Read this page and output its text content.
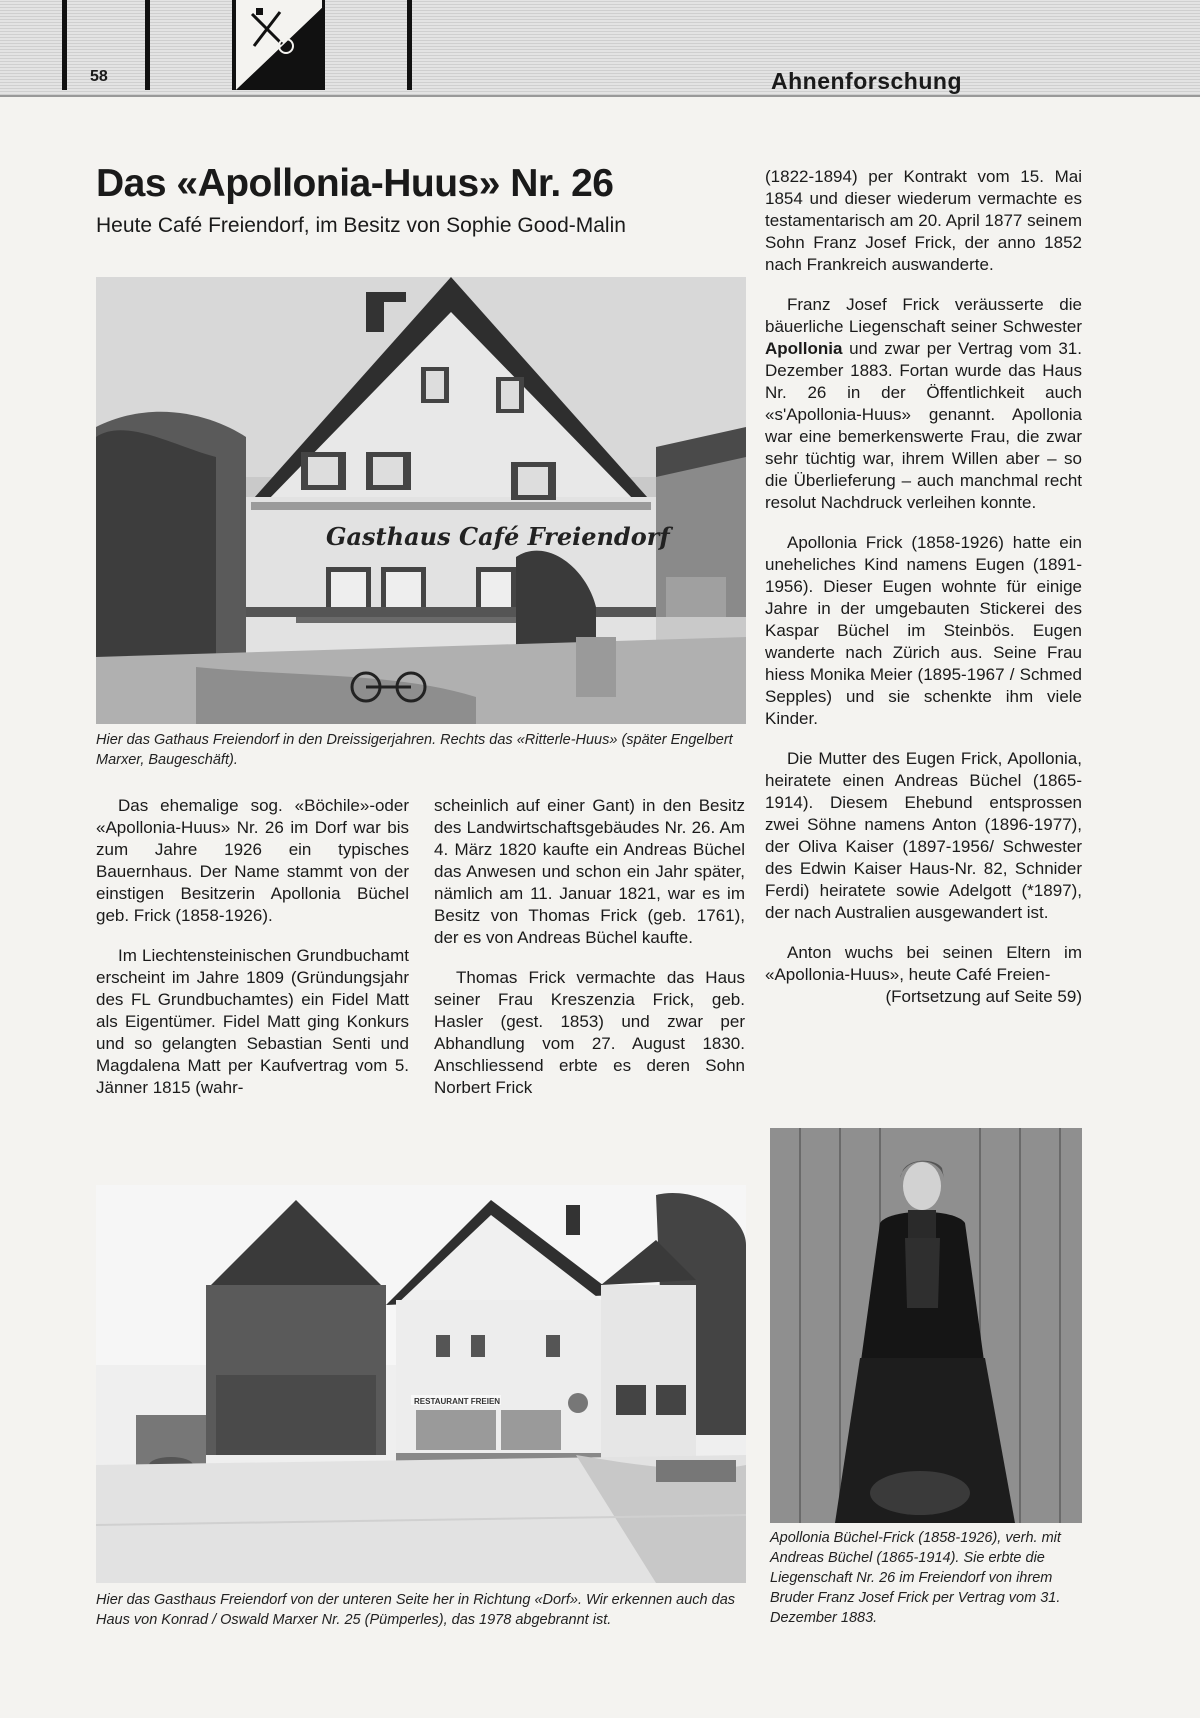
58	Ahnenforschung
Das «Apollonia-Huus» Nr. 26

Heute Café Freiendorf, im Besitz von Sophie Good-Malin

Gasthaus Café Freiendorf
Hier das Gathaus Freiendorf in den Dreissigerjahren. Rechts das «Ritterle-Huus» (später Engelbert Marxer, Baugeschäft).

Das ehemalige sog. «Böchile»-oder «Apollonia-Huus» Nr. 26 im Dorf war bis zum Jahre 1926 ein typisches Bauernhaus. Der Name stammt von der einstigen Besitzerin Apollonia Büchel geb. Frick (1858-1926).

Im Liechtensteinischen Grundbuchamt erscheint im Jahre 1809 (Gründungsjahr des FL Grundbuchamtes) ein Fidel Matt als Eigentümer. Fidel Matt ging Konkurs und so gelangten Sebastian Senti und Magdalena Matt per Kaufvertrag vom 5. Jänner 1815 (wahr-

scheinlich auf einer Gant) in den Besitz des Landwirtschaftsgebäudes Nr. 26. Am 4. März 1820 kaufte ein Andreas Büchel das Anwesen und schon ein Jahr später, nämlich am 11. Januar 1821, war es im Besitz von Thomas Frick (geb. 1761), der es von Andreas Büchel kaufte.

Thomas Frick vermachte das Haus seiner Frau Kreszenzia Frick, geb. Hasler (gest. 1853) und zwar per Abhandlung vom 27. August 1830. Anschliessend erbte es deren Sohn Norbert Frick

(1822-1894) per Kontrakt vom 15. Mai 1854 und dieser wiederum vermachte es testamentarisch am 20. April 1877 seinem Sohn Franz Josef Frick, der anno 1852 nach Frankreich auswanderte.

Franz Josef Frick veräusserte die bäuerliche Liegenschaft seiner Schwester Apollonia und zwar per Vertrag vom 31. Dezember 1883. Fortan wurde das Haus Nr. 26 in der Öffentlichkeit auch «s'Apollonia-Huus» genannt. Apollonia war eine bemerkenswerte Frau, die zwar sehr tüchtig war, ihrem Willen aber – so die Überlieferung – auch manchmal recht resolut Nachdruck verleihen konnte.

Apollonia Frick (1858-1926) hatte ein uneheliches Kind namens Eugen (1891-1956). Dieser Eugen wohnte für einige Jahre in der umgebauten Stickerei des Kaspar Büchel im Steinbös. Eugen wanderte nach Zürich aus. Seine Frau hiess Monika Meier (1895-1967 / Schmed Sepples) und sie schenkte ihm viele Kinder.

Die Mutter des Eugen Frick, Apollonia, heiratete einen Andreas Büchel (1865-1914). Diesem Ehebund entsprossen zwei Söhne namens Anton (1896-1977), der Oliva Kaiser (1897-1956/ Schwester des Edwin Kaiser Haus-Nr. 82, Schnider Ferdi) heiratete sowie Adelgott (*1897), der nach Australien ausgewandert ist.

Anton wuchs bei seinen Eltern im «Apollonia-Huus», heute Café Freien-

(Fortsetzung auf Seite 59)
RESTAURANT FREIEN
Hier das Gasthaus Freiendorf von der unteren Seite her in Richtung «Dorf». Wir erkennen auch das Haus von Konrad / Oswald Marxer Nr. 25 (Pümperles), das 1978 abgebrannt ist.
Apollonia Büchel-Frick (1858-1926), verh. mit Andreas Büchel (1865-1914). Sie erbte die Liegenschaft Nr. 26 im Freiendorf von ihrem Bruder Franz Josef Frick per Vertrag vom 31. Dezember 1883.
